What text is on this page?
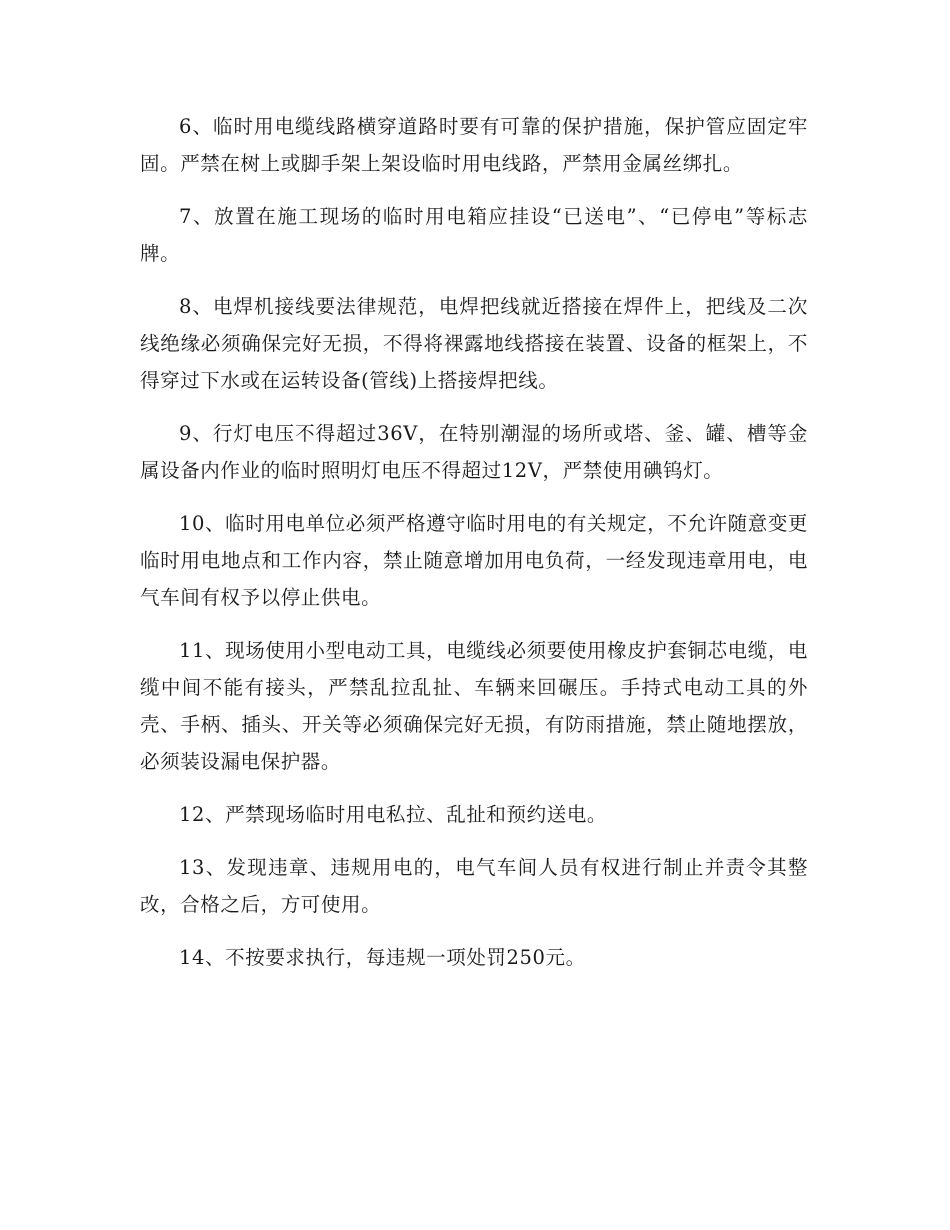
6、临时用电缆线路横穿道路时要有可靠的保护措施，保护管应固定牢固。严禁在树上或脚手架上架设临时用电线路，严禁用金属丝绑扎。

7、放置在施工现场的临时用电箱应挂设“已送电”、“已停电”等标志牌。

8、电焊机接线要法律规范，电焊把线就近搭接在焊件上，把线及二次线绝缘必须确保完好无损，不得将裸露地线搭接在装置、设备的框架上，不得穿过下水或在运转设备(管线)上搭接焊把线。

9、行灯电压不得超过36V，在特别潮湿的场所或塔、釜、罐、槽等金属设备内作业的临时照明灯电压不得超过12V，严禁使用碘钨灯。

10、临时用电单位必须严格遵守临时用电的有关规定，不允许随意变更临时用电地点和工作内容，禁止随意增加用电负荷，一经发现违章用电，电气车间有权予以停止供电。

11、现场使用小型电动工具，电缆线必须要使用橡皮护套铜芯电缆，电缆中间不能有接头，严禁乱拉乱扯、车辆来回碾压。手持式电动工具的外壳、手柄、插头、开关等必须确保完好无损，有防雨措施，禁止随地摆放，必须装设漏电保护器。

12、严禁现场临时用电私拉、乱扯和预约送电。

13、发现违章、违规用电的，电气车间人员有权进行制止并责令其整改，合格之后，方可使用。

14、不按要求执行，每违规一项处罚250元。
